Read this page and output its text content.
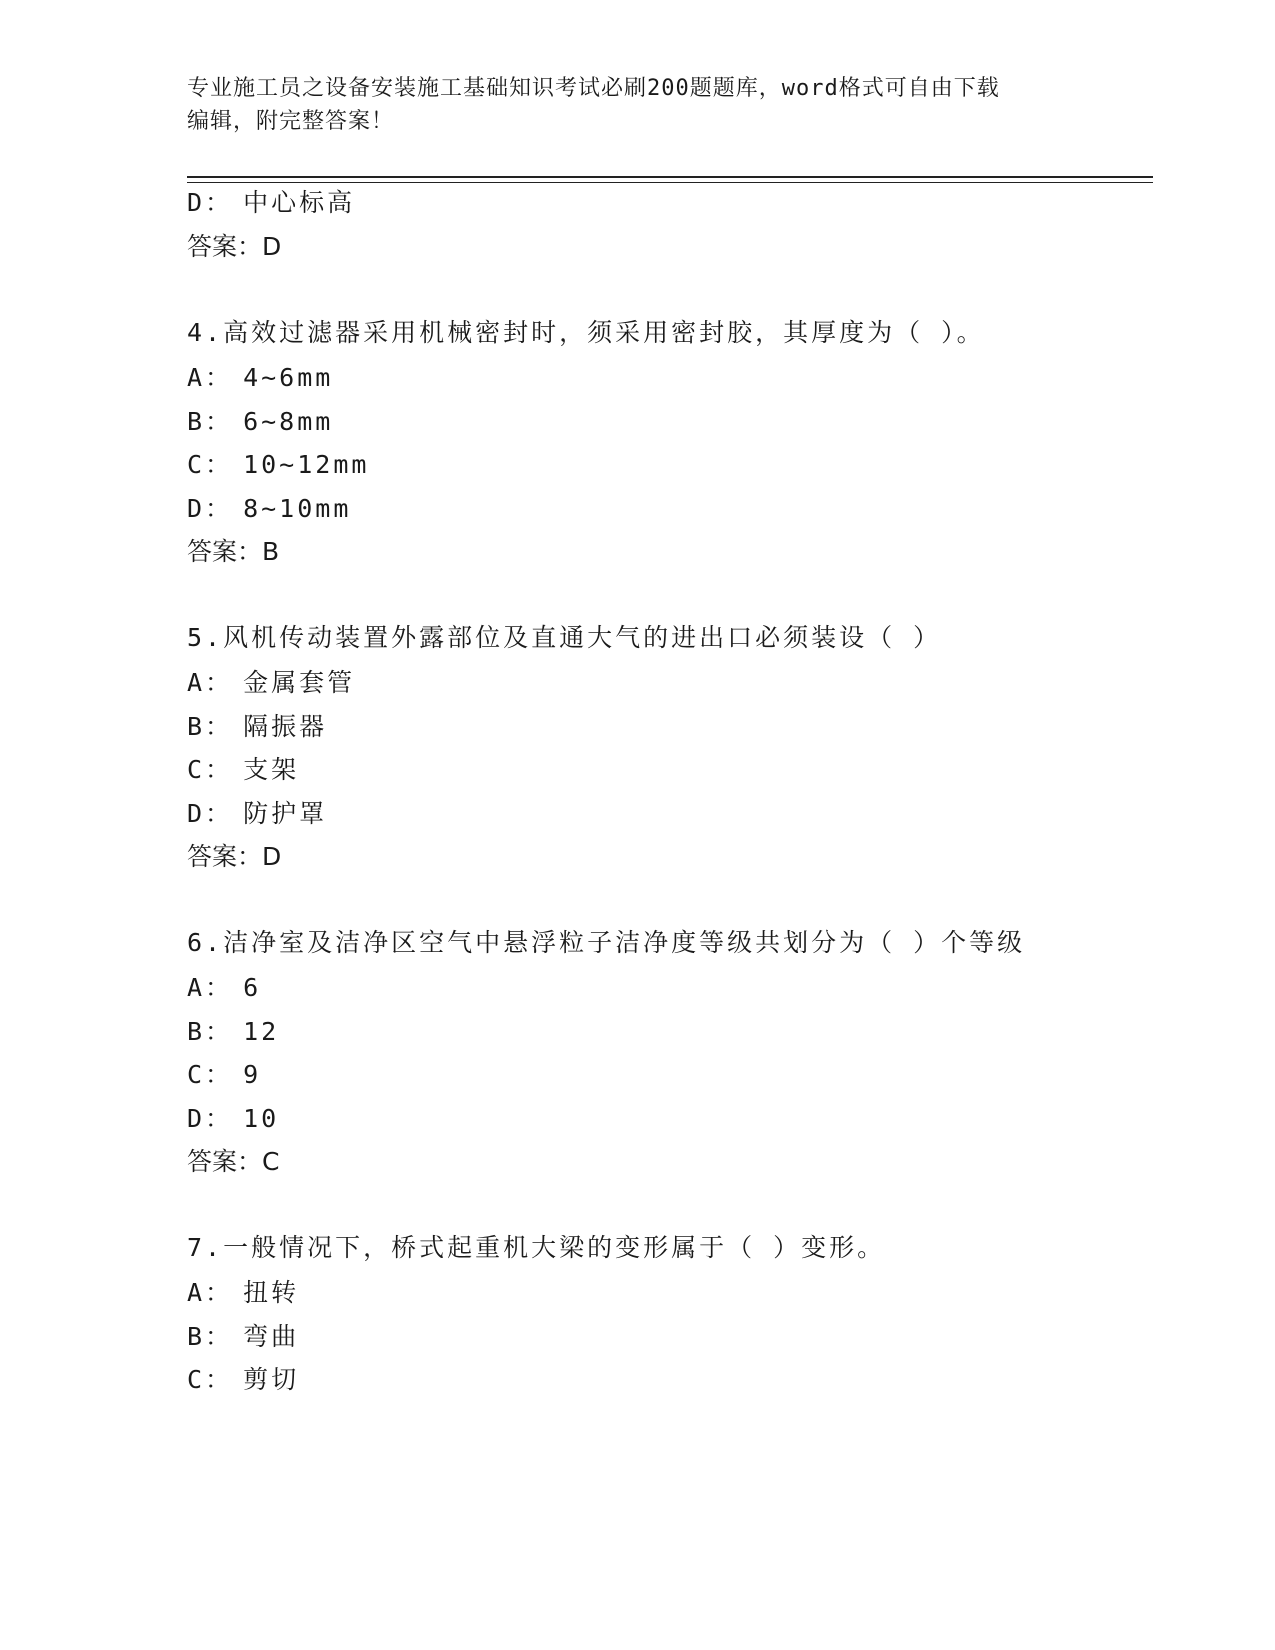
专业施工员之设备安装施工基础知识考试必刷200题题库，word格式可自由下载
编辑，附完整答案！
D： 中心标高
答案：D
4.高效过滤器采用机械密封时，须采用密封胶，其厚度为（ ）。
A： 4~6mm
B： 6~8mm
C： 10~12mm
D： 8~10mm
答案：B
5.风机传动装置外露部位及直通大气的进出口必须装设（ ）
A： 金属套管
B： 隔振器
C： 支架
D： 防护罩
答案：D
6.洁净室及洁净区空气中悬浮粒子洁净度等级共划分为（ ）个等级
A： 6
B： 12
C： 9
D： 10
答案：C
7.一般情况下，桥式起重机大梁的变形属于（ ）变形。
A： 扭转
B： 弯曲
C： 剪切
